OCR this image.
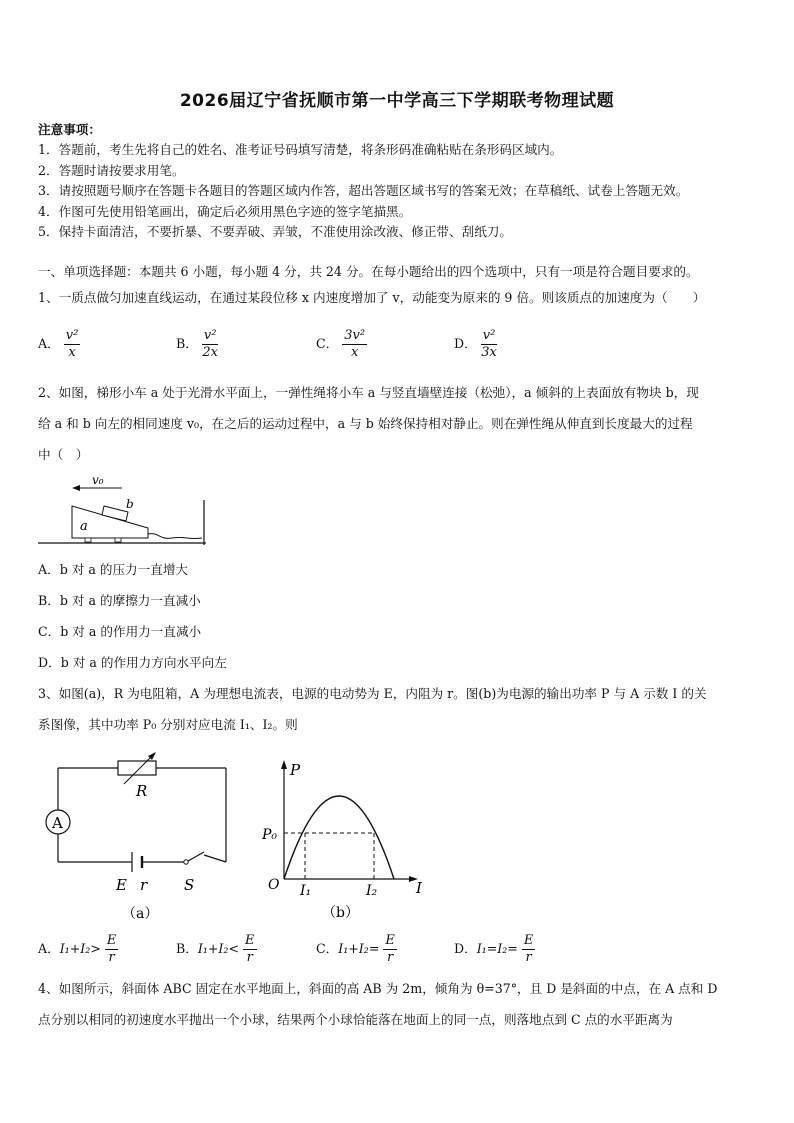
2026届辽宁省抚顺市第一中学高三下学期联考物理试题
注意事项：
1．答题前，考生先将自己的姓名、准考证号码填写清楚，将条形码准确粘贴在条形码区域内。
2．答题时请按要求用笔。
3．请按照题号顺序在答题卡各题目的答题区域内作答，超出答题区域书写的答案无效；在草稿纸、试卷上答题无效。
4．作图可先使用铅笔画出，确定后必须用黑色字迹的签字笔描黑。
5．保持卡面清洁，不要折暴、不要弄破、弄皱，不准使用涂改液、修正带、刮纸刀。
一、单项选择题：本题共 6 小题，每小题 4 分，共 24 分。在每小题给出的四个选项中，只有一项是符合题目要求的。
1、一质点做匀加速直线运动，在通过某段位移 x 内速度增加了 v，动能变为原来的 9 倍。则该质点的加速度为（　　）
A． $\frac{\text{v²}}{x}$	B． $\frac{\text{v²}}{2x}$	C． $\frac{\text{3v²}}{x}$	D． $\frac{\text{v²}}{3x}$
2、如图，梯形小车 a 处于光滑水平面上，一弹性绳将小车 a 与竖直墙壁连接（松弛），a 倾斜的上表面放有物块 b，现
给 a 和 b 向左的相同速度 v₀，在之后的运动过程中，a 与 b 始终保持相对静止。则在弹性绳从伸直到长度最大的过程
中（　）
v₀
a
b
A．b 对 a 的压力一直增大
B．b 对 a 的摩擦力一直减小
C．b 对 a 的作用力一直减小
D．b 对 a 的作用力方向水平向左
3、如图(a)，R 为电阻箱，A 为理想电流表，电源的电动势为 E，内阻为 r。图(b)为电源的输出功率 P 与 A 示数 I 的关
系图像，其中功率 P₀ 分别对应电流 I₁、I₂。则
R
A
E r S
（a）
P
P₀
O I₁	I₂	I
（b）
A．$I_1+I_2> \frac{E}{r}$	B．$I_1+I_2< \frac{E}{r}$	C．$I_1+I_2= \frac{E}{r}$	D．$I_1=I_2= \frac{E}{r}$
4、如图所示，斜面体 ABC 固定在水平地面上，斜面的高 AB 为 2m，倾角为 θ=37°，且 D 是斜面的中点，在 A 点和 D
点分别以相同的初速度水平抛出一个小球，结果两个小球恰能落在地面上的同一点，则落地点到 C 点的水平距离为
